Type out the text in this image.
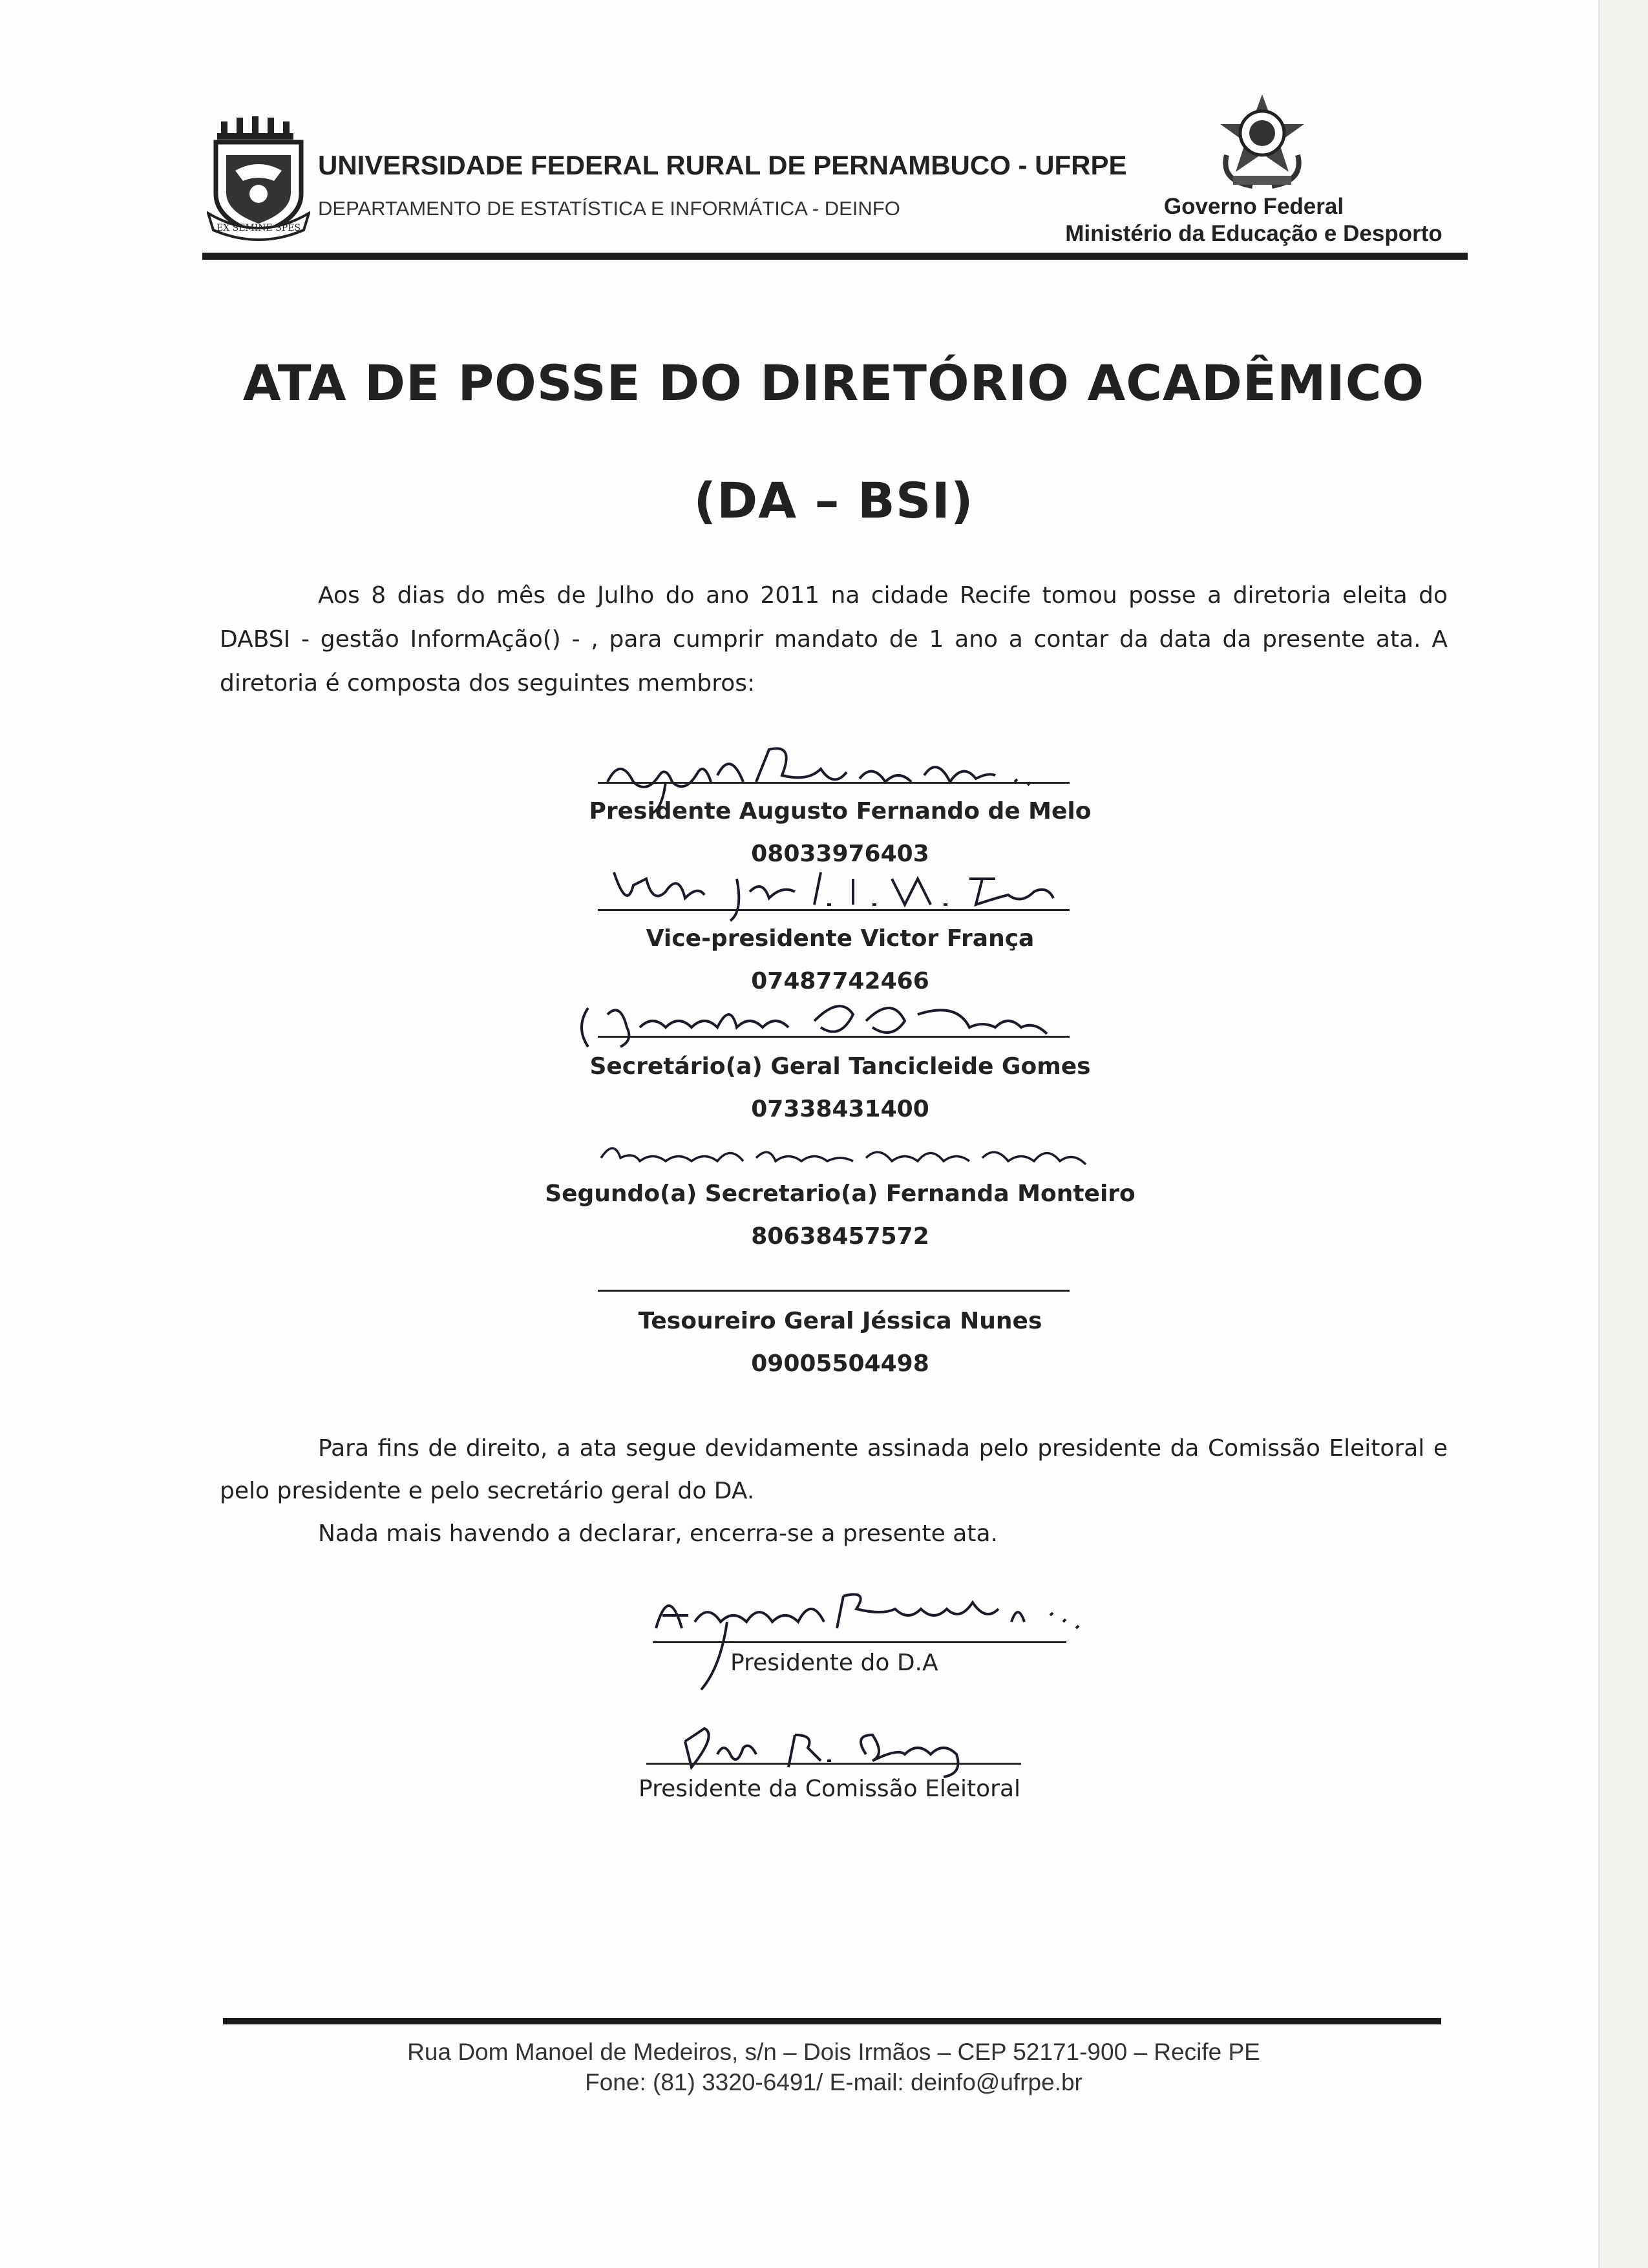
EX SEMINE SPES
UNIVERSIDADE FEDERAL RURAL DE PERNAMBUCO - UFRPE
DEPARTAMENTO DE ESTATÍSTICA E INFORMÁTICA - DEINFO	Governo Federal
Ministério da Educação e Desporto
ATA DE POSSE DO DIRETÓRIO ACADÊMICO
(DA – BSI)
Aos 8 dias do mês de Julho do ano 2011 na cidade Recife tomou posse a diretoria eleita do DABSI - gestão InformAção() - , para cumprir mandato de 1 ano a contar da data da presente ata. A diretoria é composta dos seguintes membros:
Presidente Augusto Fernando de Melo
08033976403
Vice-presidente Victor França
07487742466
Secretário(a) Geral Tancicleide Gomes
07338431400
Segundo(a) Secretario(a) Fernanda Monteiro
80638457572
Tesoureiro Geral Jéssica Nunes
09005504498
Para fins de direito, a ata segue devidamente assinada pelo presidente da Comissão Eleitoral e pelo presidente e pelo secretário geral do DA.
Nada mais havendo a declarar, encerra-se a presente ata.
Presidente do D.A
Presidente da Comissão Eleitoral
Rua Dom Manoel de Medeiros, s/n – Dois Irmãos – CEP 52171-900 – Recife PE
Fone: (81) 3320-6491/ E-mail: deinfo@ufrpe.br
